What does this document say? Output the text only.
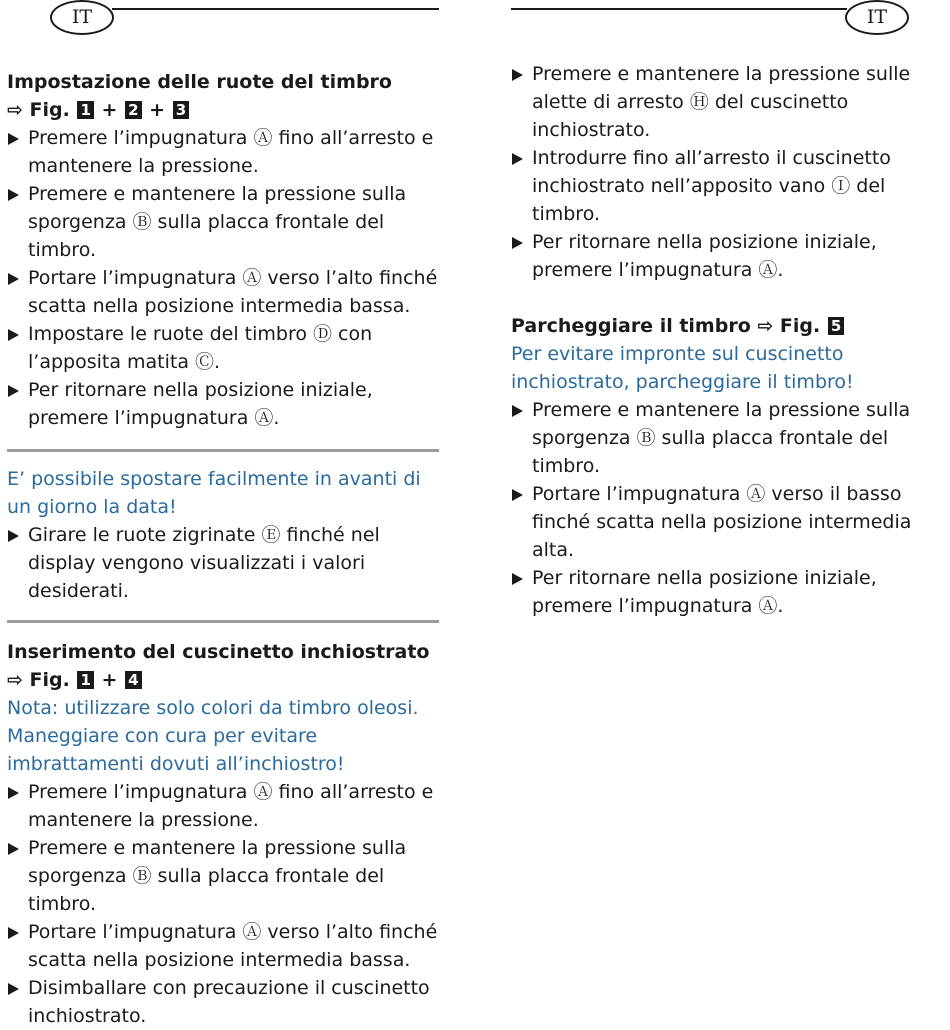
IT
Impostazione delle ruote del timbro
⇨ Fig. 1 + 2 + 3
Premere l’impugnatura Ⓐ fino all’arresto e mantenere la pressione.
Premere e mantenere la pressione sulla sporgenza Ⓑ sulla placca frontale del timbro.
Portare l’impugnatura Ⓐ verso l’alto finché scatta nella posizione intermedia bassa.
Impostare le ruote del timbro Ⓓ con l’apposita matita Ⓒ.
Per ritornare nella posizione iniziale, premere l’impugnatura Ⓐ.
E’ possibile spostare facilmente in avanti di un giorno la data!
Girare le ruote zigrinate Ⓔ finché nel display vengono visualizzati i valori desiderati.
Inserimento del cuscinetto inchiostrato
⇨ Fig. 1 + 4
Nota: utilizzare solo colori da timbro oleosi. Maneggiare con cura per evitare imbrattamenti dovuti all’inchiostro!
Premere l’impugnatura Ⓐ fino all’arresto e mantenere la pressione.
Premere e mantenere la pressione sulla sporgenza Ⓑ sulla placca frontale del timbro.
Portare l’impugnatura Ⓐ verso l’alto finché scatta nella posizione intermedia bassa.
Disimballare con precauzione il cuscinetto inchiostrato.
IT
Premere e mantenere la pressione sulle alette di arresto Ⓗ del cuscinetto inchiostrato.
Introdurre fino all’arresto il cuscinetto inchiostrato nell’apposito vano Ⓘ del timbro.
Per ritornare nella posizione iniziale, premere l’impugnatura Ⓐ.
Parcheggiare il timbro ⇨ Fig. 5
Per evitare impronte sul cuscinetto inchiostrato, parcheggiare il timbro!
Premere e mantenere la pressione sulla sporgenza Ⓑ sulla placca frontale del timbro.
Portare l’impugnatura Ⓐ verso il basso finché scatta nella posizione intermedia alta.
Per ritornare nella posizione iniziale, premere l’impugnatura Ⓐ.
